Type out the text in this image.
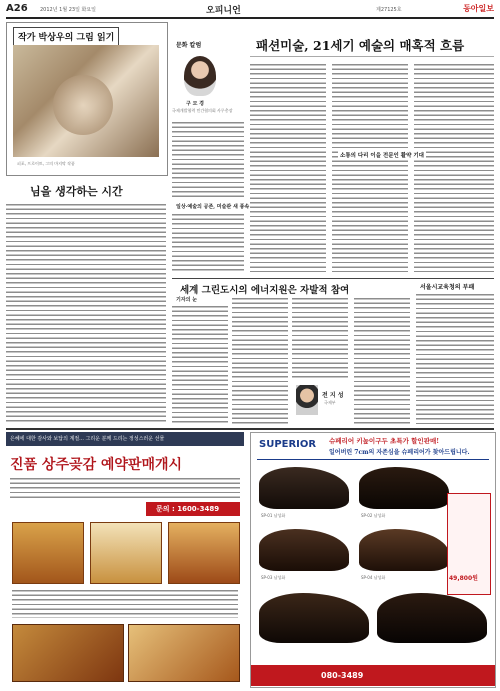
A26 2012년 1월 23일 화요일	오피니언	제27125호	동아일보
작가 박상우의 그림 읽기
피포, 프로이트, 그의 마지막 작품
님을 생각하는 시간
문화 칼럼
구 모 경
국제개발협력 민간협의회 사무총장
일상·예술의 공존, 미술관 새 풍속
패션미술, 21세기 예술의 매혹적 흐름
소통의 다리 이을 전문인 활약 기대
세계 그린도시의 에너지원은 자발적 참여
기자의 눈
전 지 성
국제부
서울시교육청의 부패
은혜에 대한 감사와 보답의 계절... 그리운 분께 드리는 정성스러운 선물
진품 상주곶감 예약판매개시
문의 : 1600-3489
SUPERIOR 슈페리어 키높이구두 초특가 할인판매!
일어버린 7cm의 자존심을 슈페리어가 찾아드립니다.
SP-01 남성화	SP-02 남성화
SP-03 남성화	SP-04 남성화	49,800원
080-3489
